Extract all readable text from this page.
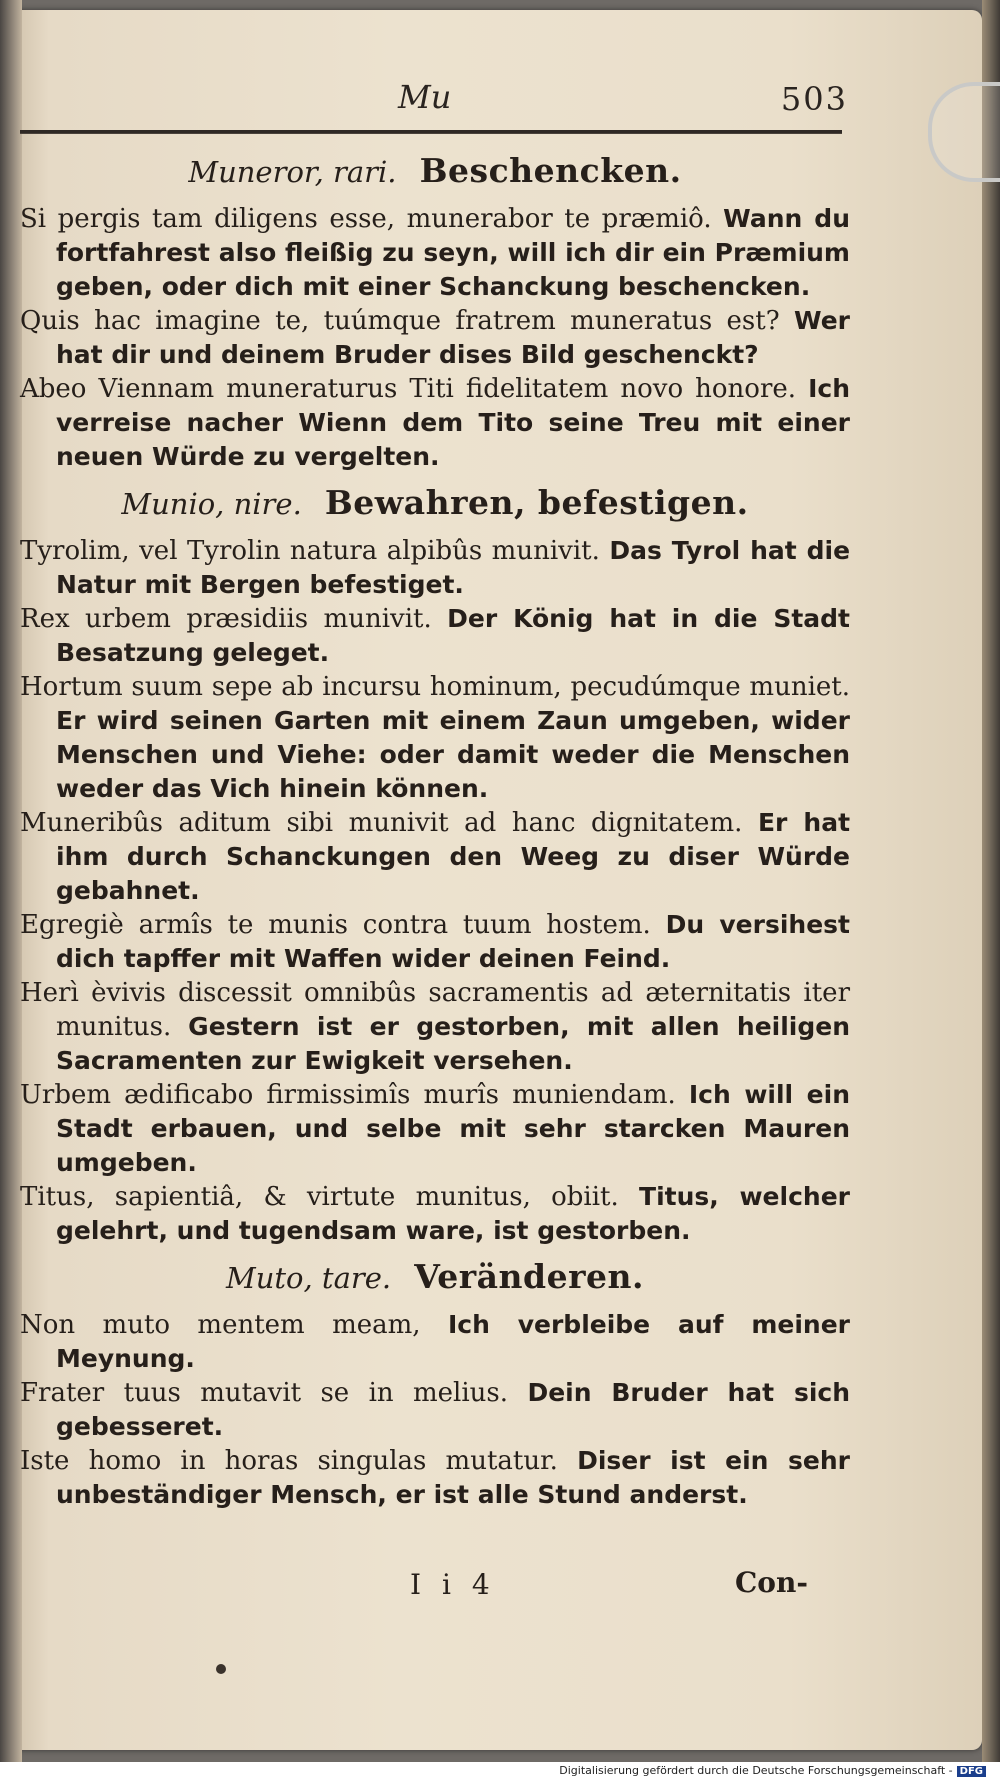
Mu	503
Muneror, rari. Beschencken.

Si pergis tam diligens esse, munerabor te præmiô. Wann du fortfahrest also fleißig zu seyn, will ich dir ein Præmium geben, oder dich mit einer Schanckung beschencken.

Quis hac imagine te, tuúmque fratrem muneratus est? Wer hat dir und deinem Bruder dises Bild geschenckt?

Abeo Viennam muneraturus Titi fidelitatem novo honore. Ich verreise nacher Wienn dem Tito seine Treu mit einer neuen Würde zu vergelten.

Munio, nire. Bewahren, befestigen.

Tyrolim, vel Tyrolin natura alpibûs munivit. Das Tyrol hat die Natur mit Bergen befestiget.

Rex urbem præsidiis munivit. Der König hat in die Stadt Besatzung geleget.

Hortum suum sepe ab incursu hominum, pecudúmque muniet. Er wird seinen Garten mit einem Zaun umgeben, wider Menschen und Viehe: oder damit weder die Menschen weder das Vich hinein können.

Muneribûs aditum sibi munivit ad hanc dignitatem. Er hat ihm durch Schanckungen den Weeg zu diser Würde gebahnet.

Egregiè armîs te munis contra tuum hostem. Du versihest dich tapffer mit Waffen wider deinen Feind.

Herì èvivis discessit omnibûs sacramentis ad æternitatis iter munitus. Gestern ist er gestorben, mit allen heiligen Sacramenten zur Ewigkeit versehen.

Urbem ædificabo firmissimîs murîs muniendam. Ich will ein Stadt erbauen, und selbe mit sehr starcken Mauren umgeben.

Titus, sapientiâ, & virtute munitus, obiit. Titus, welcher gelehrt, und tugendsam ware, ist gestorben.

Muto, tare. Veränderen.

Non muto mentem meam, Ich verbleibe auf meiner Meynung.

Frater tuus mutavit se in melius. Dein Bruder hat sich gebesseret.

Iste homo in horas singulas mutatur. Diser ist ein sehr unbeständiger Mensch, er ist alle Stund anderst.

I i 4	Con-
Digitalisierung gefördert durch die Deutsche Forschungsgemeinschaft - DFG
